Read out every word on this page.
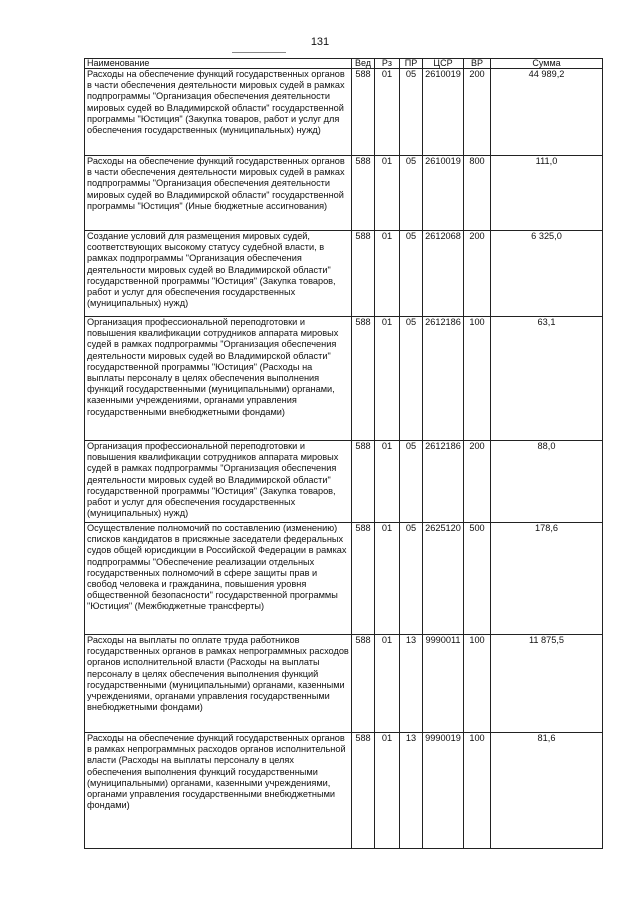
131
Наименование	Вед	Рз	ПР	ЦСР	ВР	Сумма
Расходы на обеспечение функций государственных органов в части обеспечения деятельности мировых судей в рамках подпрограммы "Организация обеспечения деятельности мировых судей во Владимирской области" государственной программы "Юстиция" (Закупка товаров, работ и услуг для обеспечения государственных (муниципальных) нужд)	588	01	05	2610019	200	44 989,2
Расходы на обеспечение функций государственных органов в части обеспечения деятельности мировых судей в рамках подпрограммы "Организация обеспечения деятельности мировых судей во Владимирской области" государственной программы "Юстиция" (Иные бюджетные ассигнования)	588	01	05	2610019	800	111,0
Создание условий для размещения мировых судей, соответствующих высокому статусу судебной власти, в рамках подпрограммы "Организация обеспечения деятельности мировых судей во Владимирской области" государственной программы "Юстиция" (Закупка товаров, работ и услуг для обеспечения государственных (муниципальных) нужд)	588	01	05	2612068	200	6 325,0
Организация профессиональной переподготовки и повышения квалификации сотрудников аппарата мировых судей в рамках подпрограммы "Организация обеспечения деятельности мировых судей во Владимирской области" государственной программы "Юстиция" (Расходы на выплаты персоналу в целях обеспечения выполнения функций государственными (муниципальными) органами, казенными учреждениями, органами управления государственными внебюджетными фондами)	588	01	05	2612186	100	63,1
Организация профессиональной переподготовки и повышения квалификации сотрудников аппарата мировых судей в рамках подпрограммы "Организация обеспечения деятельности мировых судей во Владимирской области" государственной программы "Юстиция" (Закупка товаров, работ и услуг для обеспечения государственных (муниципальных) нужд)	588	01	05	2612186	200	88,0
Осуществление полномочий по составлению (изменению) списков кандидатов в присяжные заседатели федеральных судов общей юрисдикции в Российской Федерации в рамках подпрограммы "Обеспечение реализации отдельных государственных полномочий в сфере защиты прав и свобод человека и гражданина, повышения уровня общественной безопасности" государственной программы "Юстиция" (Межбюджетные трансферты)	588	01	05	2625120	500	178,6
Расходы на выплаты по оплате труда работников государственных органов в рамках непрограммных расходов органов исполнительной власти (Расходы на выплаты персоналу в целях обеспечения выполнения функций государственными (муниципальными) органами, казенными учреждениями, органами управления государственными внебюджетными фондами)	588	01	13	9990011	100	11 875,5
Расходы на обеспечение функций государственных органов в рамках непрограммных расходов органов исполнительной власти (Расходы на выплаты персоналу в целях обеспечения выполнения функций государственными (муниципальными) органами, казенными учреждениями, органами управления государственными внебюджетными фондами)	588	01	13	9990019	100	81,6
